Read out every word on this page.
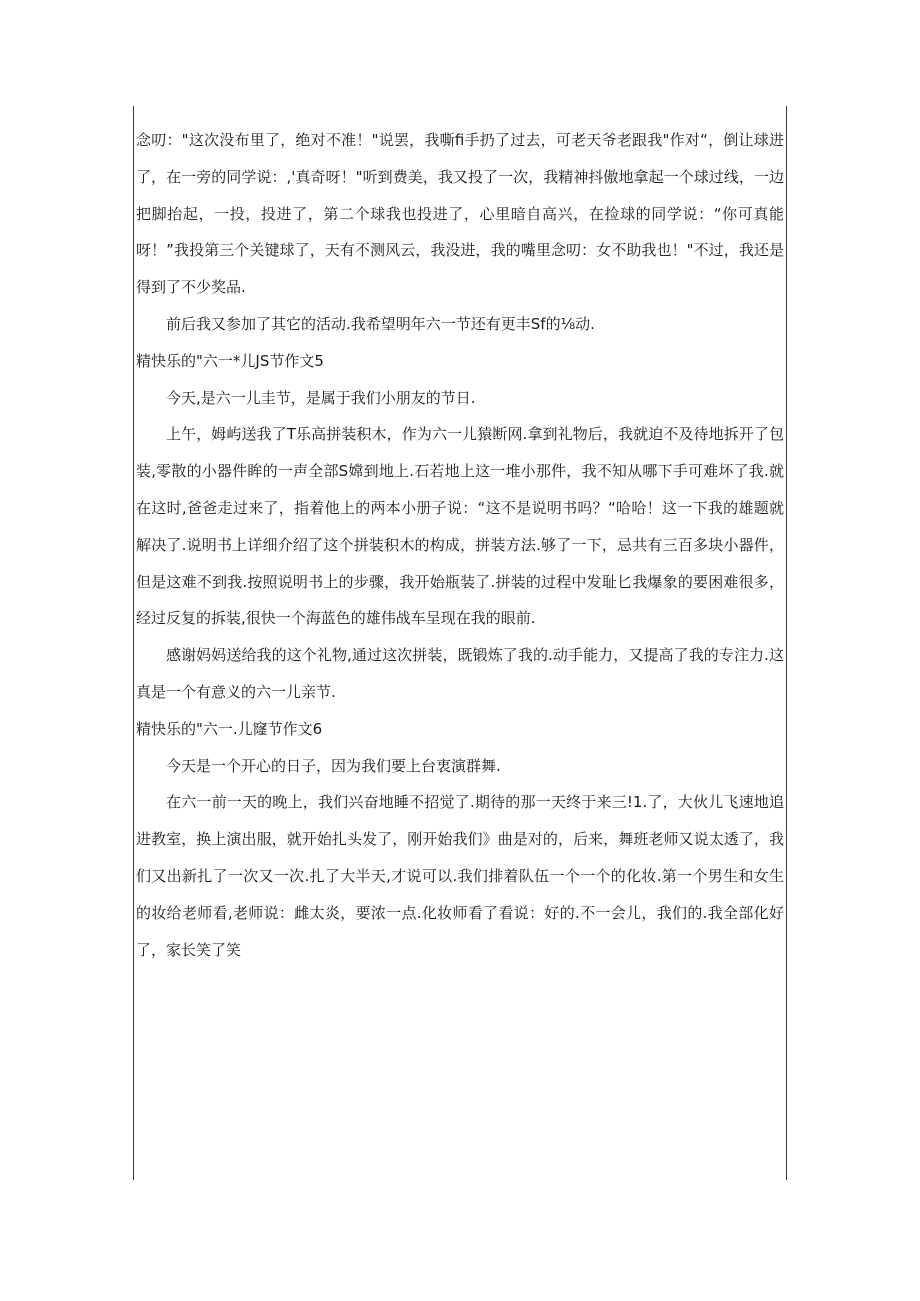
念叨："这次没布里了，绝对不准！"说罢，我嘶fi手扔了过去，可老天爷老跟我"作对“，倒让球进了，在一旁的同学说：,'真奇呀！"听到费美，我又投了一次，我精神抖傲地拿起一个球过线，一边把脚抬起，一投，投进了，第二个球我也投进了，心里暗自高兴，在捡球的同学说：“你可真能呀！”我投第三个关键球了，天有不测风云，我没进，我的嘴里念叨：女不助我也！"不过，我还是得到了不少奖品.

前后我又参加了其它的活动.我希望明年六一节还有更丰Sf的⅛动.

精快乐的"六一*儿JS节作文5

今天,是六一儿圭节，是属于我们小朋友的节日.

上午，姆屿送我了T乐高拼装积木，作为六一儿猿断网.拿到礼物后，我就迫不及待地拆开了包装,零散的小器件眸的一声全部S嫦到地上.石若地上这一堆小那件，我不知从哪下手可难坏了我.就在这时,爸爸走过来了，指着他上的两本小册子说：“这不是说明书吗？“哈哈！这一下我的雄题就解决了.说明书上详细介绍了这个拼装积木的构成，拼装方法.够了一下，忌共有三百多块小器件，但是这难不到我.按照说明书上的步骤，我开始瓶装了.拼装的过程中发耻匕我爆象的要困难很多，经过反复的拆装,很快一个海蓝色的雄伟战车呈现在我的眼前.

感谢妈妈送给我的这个礼物,通过这次拼装，既锻炼了我的.动手能力，又提高了我的专注力.这真是一个有意义的六一儿亲节.

精快乐的"六一.儿窿节作文6

今天是一个开心的日子，因为我们要上台衷演群舞.

在六一前一天的晚上，我们兴奋地睡不招觉了.期待的那一天终于来三!1.了，大伙儿飞速地追进教室，换上演出服，就开始扎头发了，刚开始我们》曲是对的，后来，舞班老师又说太透了，我们又出新扎了一次又一次.扎了大半天,才说可以.我们排着队伍一个一个的化妆.第一个男生和女生的妆给老师看,老师说：雌太炎，要浓一点.化妆师看了看说：好的.不一会儿，我们的.我全部化好了，家长笑了笑
